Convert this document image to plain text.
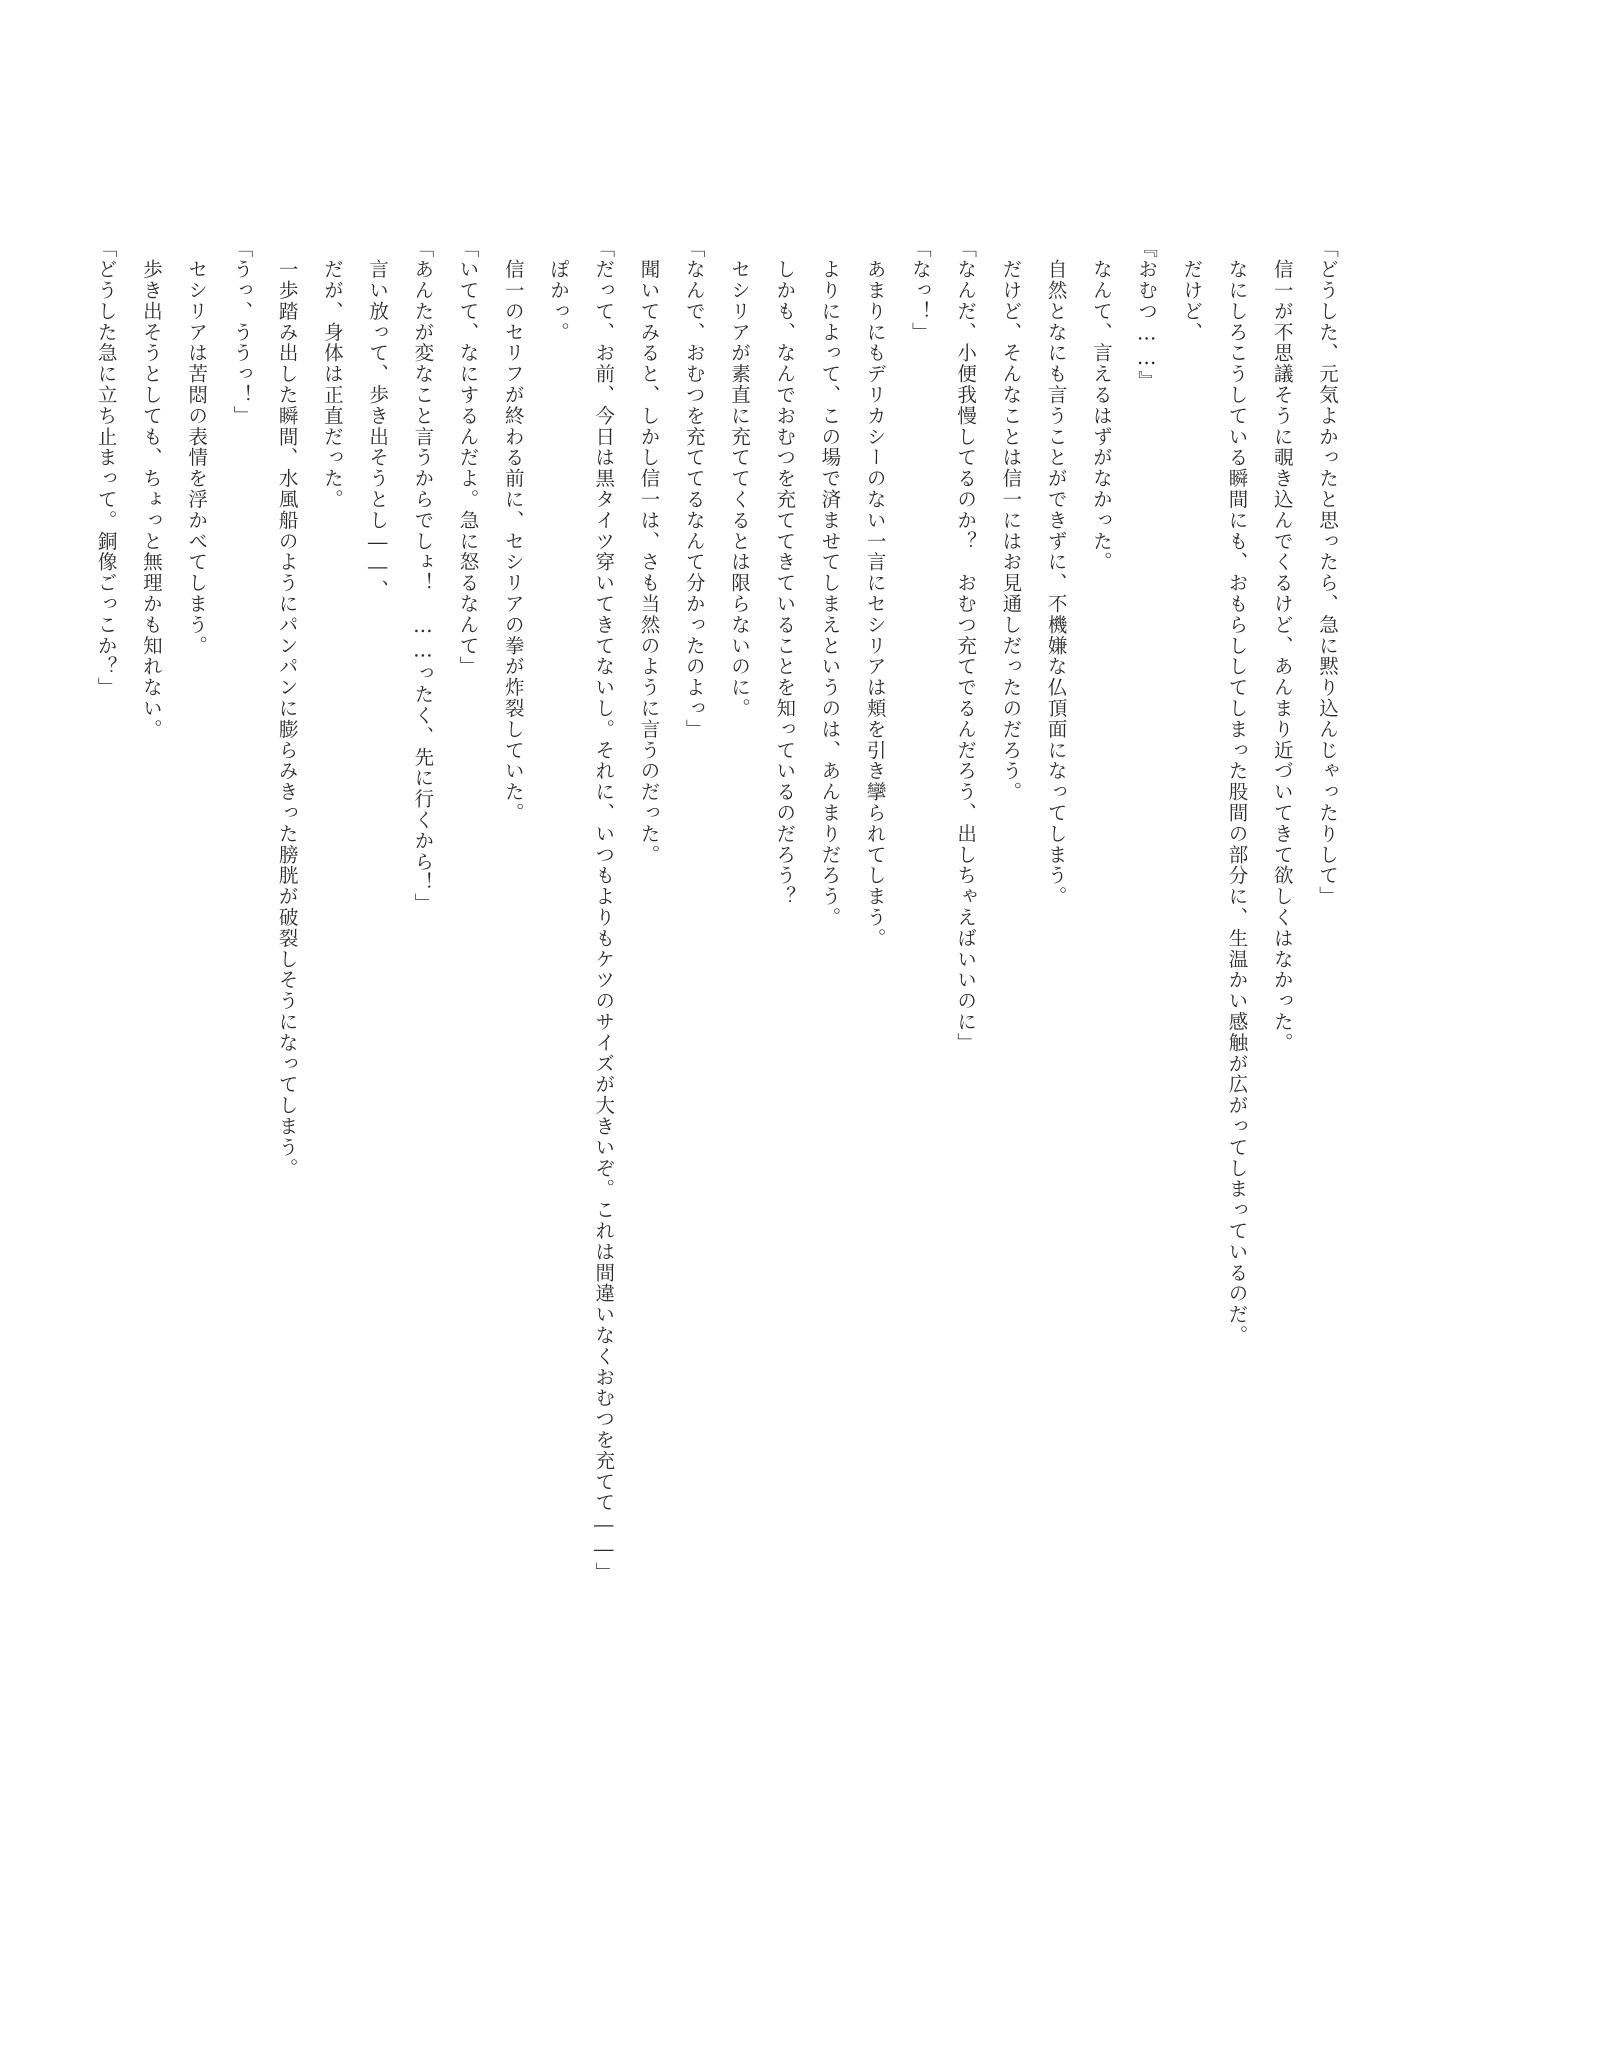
「どうした、元気よかったと思ったら、急に黙り込んじゃったりして」

　信一が不思議そうに覗き込んでくるけど、あんまり近づいてきて欲しくはなかった。

　なにしろこうしている瞬間にも、おもらししてしまった股間の部分に、生温かい感触が広がってしまっているのだ。

　だけど、

『おむつ……』

　なんて、言えるはずがなかった。

　自然となにも言うことができずに、不機嫌な仏頂面になってしまう。

　だけど、そんなことは信一にはお見通しだったのだろう。

「なんだ、小便我慢してるのか？　おむつ充てでるんだろう、出しちゃえばいいのに」

「なっ！」

　あまりにもデリカシーのない一言にセシリアは頬を引き攣られてしまう。

　よりによって、この場で済ませてしまえというのは、あんまりだろう。

　しかも、なんでおむつを充ててきていることを知っているのだろう？

　セシリアが素直に充ててくるとは限らないのに。

「なんで、おむつを充ててるなんて分かったのよっ」

　聞いてみると、しかし信一は、さも当然のように言うのだった。

「だって、お前、今日は黒タイツ穿いてきてないし。それに、いつもよりもケツのサイズが大きいぞ。これは間違いなくおむつを充てて――」

　ぽかっ。

　信一のセリフが終わる前に、セシリアの拳が炸裂していた。

「いてて、なにするんだよ。急に怒るなんて」

「あんたが変なこと言うからでしょ！　……ったく、先に行くから！」

　言い放って、歩き出そうとし――、

　だが、身体は正直だった。

　一歩踏み出した瞬間、水風船のようにパンパンに膨らみきった膀胱が破裂しそうになってしまう。

「うっ、ううっ！」

　セシリアは苦悶の表情を浮かべてしまう。

　歩き出そうとしても、ちょっと無理かも知れない。

「どうした急に立ち止まって。銅像ごっこか？」
